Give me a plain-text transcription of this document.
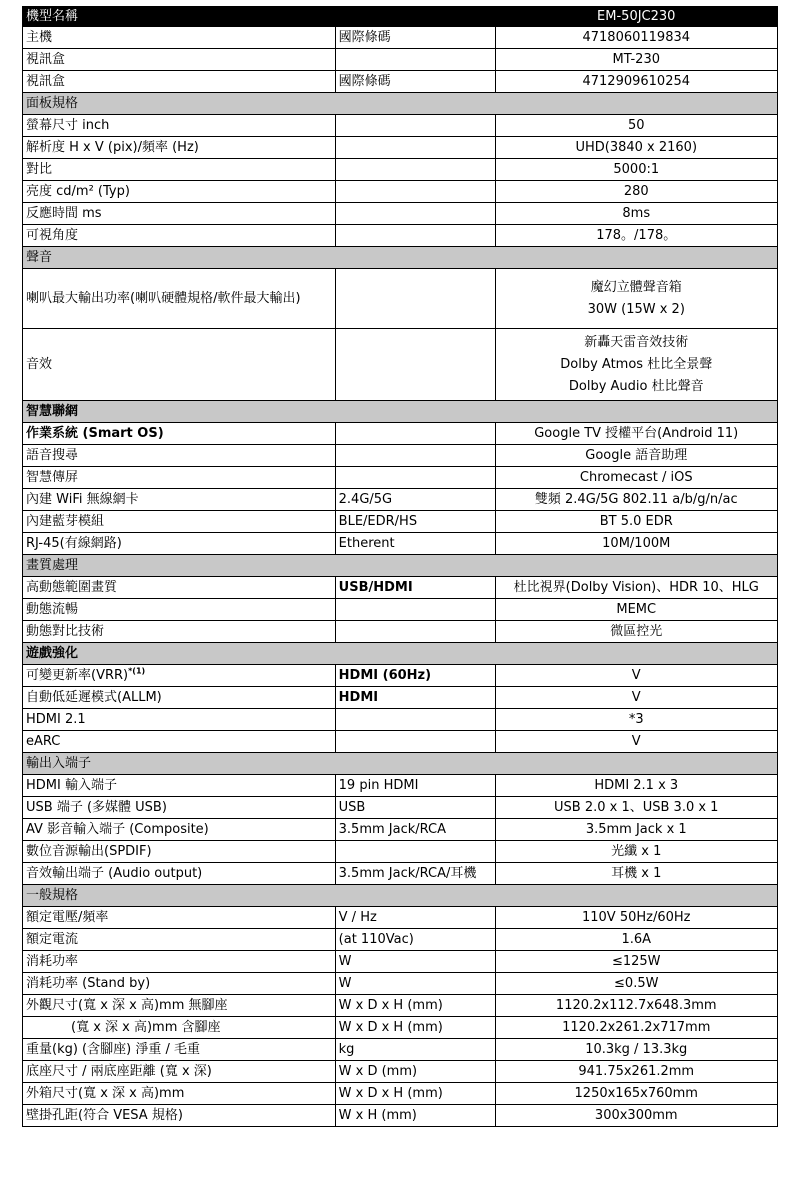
機型名稱		EM-50JC230
主機	國際條碼	4718060119834
視訊盒		MT-230
視訊盒	國際條碼	4712909610254
面板規格		
螢幕尺寸 inch		50
解析度 H x V (pix)/頻率 (Hz)		UHD(3840 x 2160)
對比		5000:1
亮度 cd/m² (Typ)		280
反應時間 ms		8ms
可視角度		178。/178。
聲音		
喇叭最大輸出功率(喇叭硬體規格/軟件最大輸出)		魔幻立體聲音箱
30W (15W x 2)

音效		新轟天雷音效技術
Dolby Atmos 杜比全景聲
Dolby Audio 杜比聲音

智慧聯網		
作業系統 (Smart OS)		Google TV 授權平台(Android 11)
語音搜尋		Google 語音助理
智慧傳屏		Chromecast / iOS
內建 WiFi 無線網卡	2.4G/5G	雙頻 2.4G/5G 802.11 a/b/g/n/ac
內建藍芽模組	BLE/EDR/HS	BT 5.0 EDR
RJ-45(有線網路)	Etherent	10M/100M
畫質處理		
高動態範圍畫質	USB/HDMI	杜比視界(Dolby Vision)、HDR 10、HLG
動態流暢		MEMC
動態對比技術		微區控光
遊戲強化		
可變更新率(VRR)$^{*(1)}$	HDMI (60Hz)	V
自動低延遲模式(ALLM)	HDMI	V
HDMI 2.1		*3
eARC		V
輸出入端子		
HDMI 輸入端子	19 pin HDMI	HDMI 2.1 x 3
USB 端子 (多媒體 USB)	USB	USB 2.0 x 1、USB 3.0 x 1
AV 影音輸入端子 (Composite)	3.5mm Jack/RCA	3.5mm Jack x 1
數位音源輸出(SPDIF)		光纖 x 1
音效輸出端子 (Audio output)	3.5mm Jack/RCA/耳機	耳機 x 1
一般規格		
額定電壓/頻率	V / Hz	110V 50Hz/60Hz
額定電流	(at 110Vac)	1.6A
消耗功率	W	≤125W
消耗功率 (Stand by)	W	≤0.5W
外觀尺寸(寬 x 深 x 高)mm 無腳座	W x D x H (mm)	1120.2x112.7x648.3mm
(寬 x 深 x 高)mm 含腳座	W x D x H (mm)	1120.2x261.2x717mm
重量(kg) (含腳座) 淨重 / 毛重	kg	10.3kg / 13.3kg
底座尺寸 / 兩底座距離 (寬 x 深)	W x D (mm)	941.75x261.2mm
外箱尺寸(寬 x 深 x 高)mm	W x D x H (mm)	1250x165x760mm
壁掛孔距(符合 VESA 規格)	W x H (mm)	300x300mm
